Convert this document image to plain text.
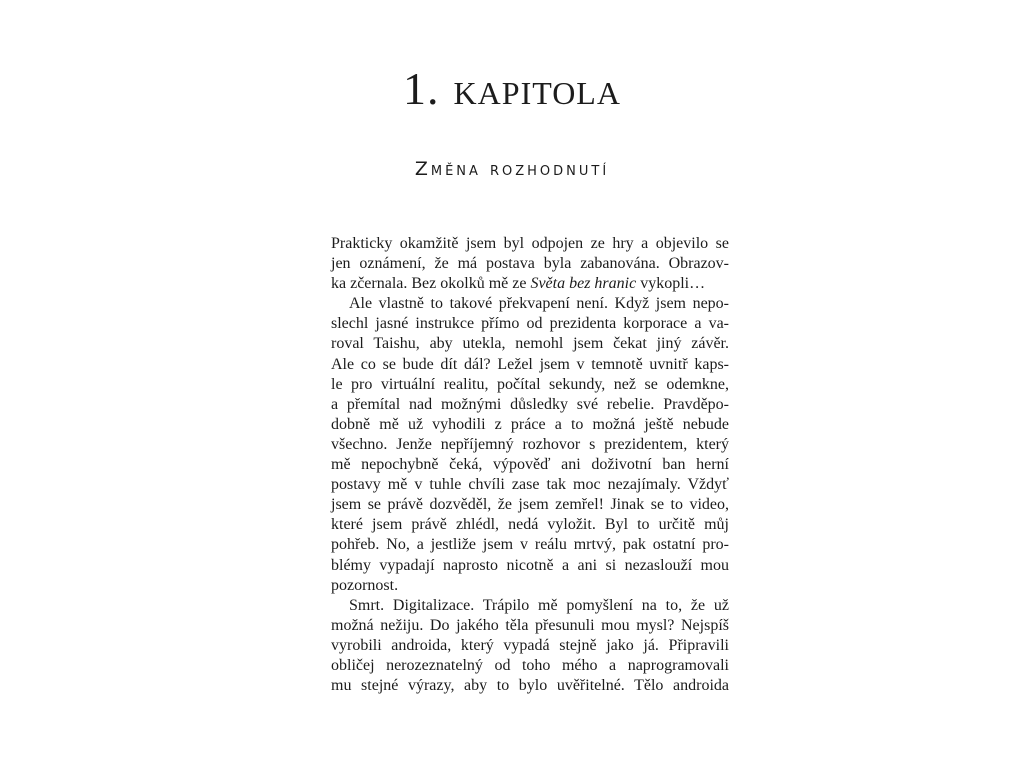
1. KAPITOLA
Změna rozhodnutí
Prakticky okamžitě jsem byl odpojen ze hry a objevilo se
jen oznámení, že má postava byla zabanována. Obrazov-
ka zčernala. Bez okolků mě ze Světa bez hranic vykopli…
Ale vlastně to takové překvapení není. Když jsem nepo-
slechl jasné instrukce přímo od prezidenta korporace a va-
roval Taishu, aby utekla, nemohl jsem čekat jiný závěr.
Ale co se bude dít dál? Ležel jsem v temnotě uvnitř kaps-
le pro virtuální realitu, počítal sekundy, než se odemkne,
a přemítal nad možnými důsledky své rebelie. Pravděpo-
dobně mě už vyhodili z práce a to možná ještě nebude
všechno. Jenže nepříjemný rozhovor s prezidentem, který
mě nepochybně čeká, výpověď ani doživotní ban herní
postavy mě v tuhle chvíli zase tak moc nezajímaly. Vždyť
jsem se právě dozvěděl, že jsem zemřel! Jinak se to video,
které jsem právě zhlédl, nedá vyložit. Byl to určitě můj
pohřeb. No, a jestliže jsem v reálu mrtvý, pak ostatní pro-
blémy vypadají naprosto nicotně a ani si nezaslouží mou
pozornost.
Smrt. Digitalizace. Trápilo mě pomyšlení na to, že už
možná nežiju. Do jakého těla přesunuli mou mysl? Nejspíš
vyrobili androida, který vypadá stejně jako já. Připravili
obličej nerozeznatelný od toho mého a naprogramovali
mu stejné výrazy, aby to bylo uvěřitelné. Tělo androida
